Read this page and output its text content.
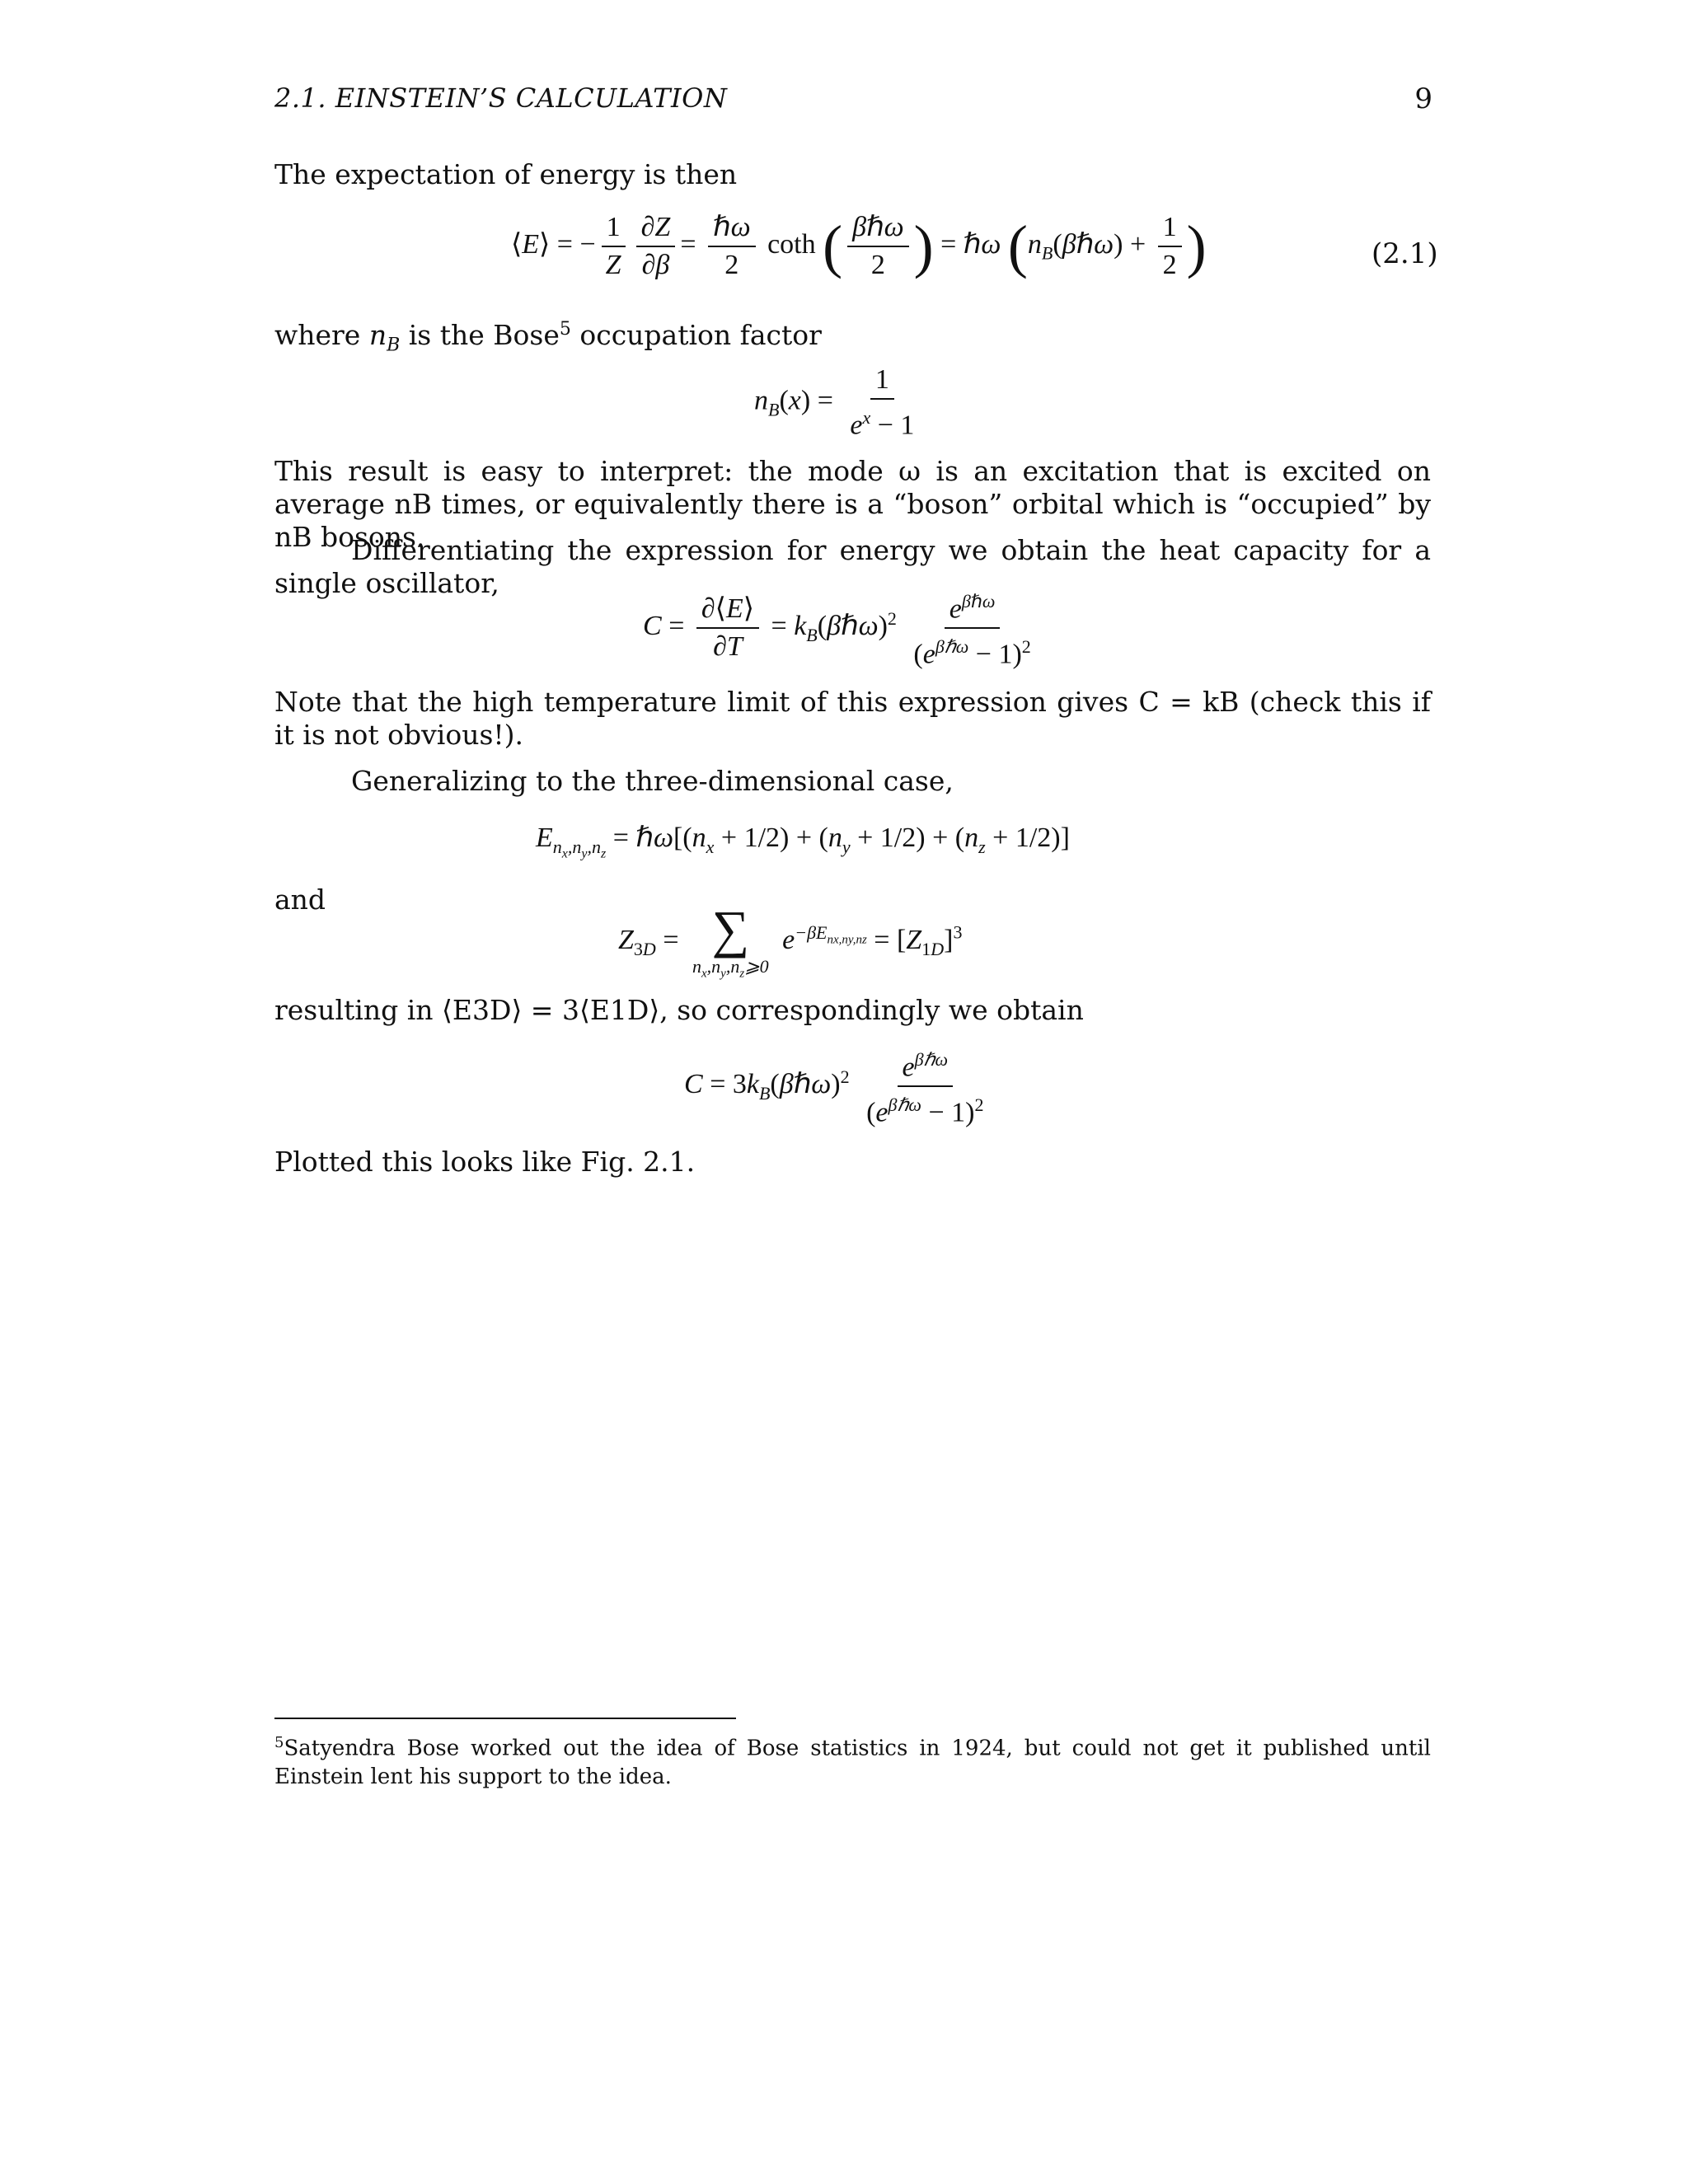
2.1. EINSTEIN’S CALCULATION	9
The expectation of energy is then
⟨E⟩ = − $\frac{1}{Z} \frac{\partial Z}{\partial\beta} = \frac{\text{ℏω}}{2}$ coth ( $\frac{\text{βℏω}}{2}$ ) = ℏω ($n_B(\beta\hbar\omega) + \frac{1}{2}$ )	(2.1)
where $n_B$ is the Bose$^5$ occupation factor
$n_B(x) = \frac{1}{e^x - 1}$
This result is easy to interpret: the mode ω is an excitation that is excited on average nB times, or equivalently there is a “boson” orbital which is “occupied” by nB bosons.
Differentiating the expression for energy we obtain the heat capacity for a single oscillator,
$C = \frac{\partial⟨E⟩}{\partial T}$ = $k_B(\beta\hbar\omega)^2 \frac{e^{\beta\hbar\omega}}{(e^{\beta\hbar\omega} - 1)^2}$
Note that the high temperature limit of this expression gives C = kB (check this if it is not obvious!).
Generalizing to the three-dimensional case,
$E_{n_x,n_y,n_z}$ = $\hbar\omega[(n_x + 1/2) + (n_y + 1/2) + (n_z + 1/2)]$
and
$Z_{3D}$ = ∑
$n_x,n_y,n_z⩾0$
$e^{-\beta E_{nx,ny,nz}} = [Z_{1D}]^3$
resulting in ⟨E3D⟩ = 3⟨E1D⟩, so correspondingly we obtain
$C = 3k_B(\beta\hbar\omega)^2 \frac{e^{\beta\hbar\omega}}{(e^{\beta\hbar\omega} - 1)^2}$
Plotted this looks like Fig. 2.1.
$^5$Satyendra Bose worked out the idea of Bose statistics in 1924, but could not get it published until Einstein lent his support to the idea.
